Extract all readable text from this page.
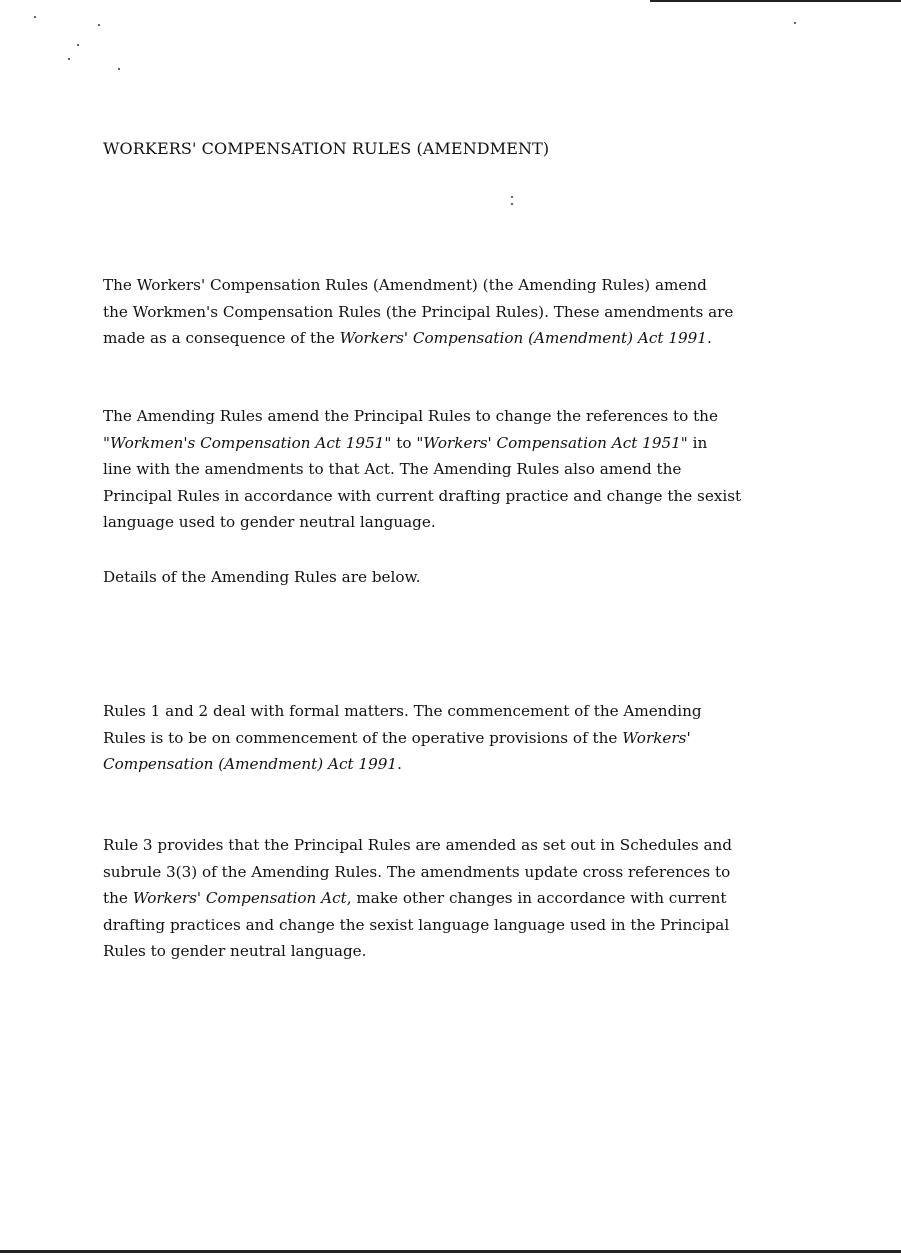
WORKERS' COMPENSATION RULES (AMENDMENT)

The Workers' Compensation Rules (Amendment) (the Amending Rules) amend
the Workmen's Compensation Rules (the Principal Rules). These amendments are
made as a consequence of the Workers' Compensation (Amendment) Act 1991.

The Amending Rules amend the Principal Rules to change the references to the
"Workmen's Compensation Act 1951" to "Workers' Compensation Act 1951" in
line with the amendments to that Act. The Amending Rules also amend the
Principal Rules in accordance with current drafting practice and change the sexist
language used to gender neutral language.

Details of the Amending Rules are below.

Rules 1 and 2 deal with formal matters. The commencement of the Amending
Rules is to be on commencement of the operative provisions of the Workers'
Compensation (Amendment) Act 1991.

Rule 3 provides that the Principal Rules are amended as set out in Schedules and
subrule 3(3) of the Amending Rules. The amendments update cross references to
the Workers' Compensation Act, make other changes in accordance with current
drafting practices and change the sexist language language used in the Principal
Rules to gender neutral language.
